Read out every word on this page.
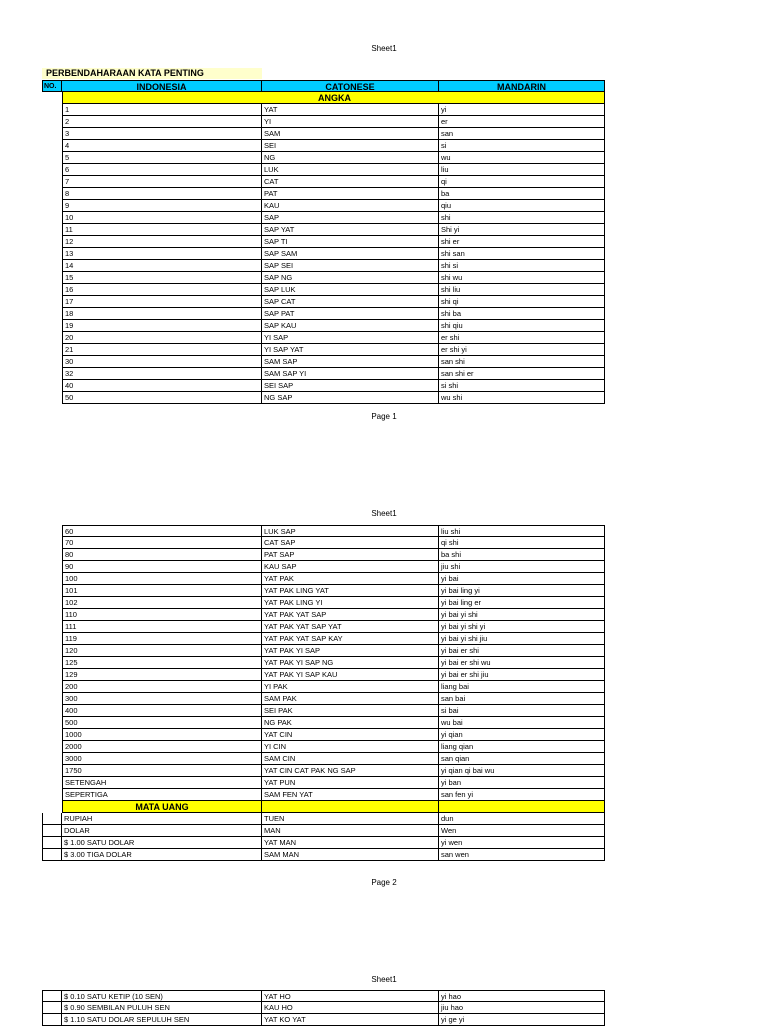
Sheet1
PERBENDAHARAAN KATA PENTING
NO.	INDONESIA	CATONESE	MANDARIN
ANGKA
1	YAT	yi
2	YI	er
3	SAM	san
4	SEI	si
5	NG	wu
6	LUK	liu
7	CAT	qi
8	PAT	ba
9	KAU	qiu
10	SAP	shi
11	SAP YAT	Shi yi
12	SAP TI	shi er
13	SAP SAM	shi san
14	SAP SEI	shi si
15	SAP NG	shi wu
16	SAP LUK	shi liu
17	SAP CAT	shi qi
18	SAP PAT	shi ba
19	SAP KAU	shi qiu
20	YI SAP	er shi
21	YI SAP YAT	er shi yi
30	SAM SAP	san shi
32	SAM SAP YI	san shi er
40	SEI SAP	si shi
50	NG SAP	wu shi
Page 1
Sheet1
60	LUK SAP	liu shi
70	CAT SAP	qi shi
80	PAT SAP	ba shi
90	KAU SAP	jiu shi
100	YAT PAK	yi bai
101	YAT PAK LING YAT	yi bai ling yi
102	YAT PAK LING YI	yi bai ling er
110	YAT PAK YAT SAP	yi bai yi shi
111	YAT PAK YAT SAP YAT	yi bai yi shi yi
119	YAT PAK YAT SAP KAY	yi bai yi shi jiu
120	YAT PAK YI SAP	yi bai er shi
125	YAT PAK YI SAP NG	yi bai er shi wu
129	YAT PAK YI SAP KAU	yi bai er shi jiu
200	YI PAK	liang bai
300	SAM PAK	san bai
400	SEI PAK	si bai
500	NG PAK	wu bai
1000	YAT CIN	yi qian
2000	YI CIN	liang qian
3000	SAM CIN	san qian
1750	YAT CIN CAT PAK NG SAP	yi qian qi bai wu
SETENGAH	YAT PUN	yi ban
SEPERTIGA	SAM FEN YAT	san fen yi
MATA UANG
RUPIAH	TUEN	dun
DOLAR	MAN	Wen
$ 1.00 SATU DOLAR	YAT MAN	yi wen
$ 3.00 TIGA DOLAR	SAM MAN	san wen
Page 2
Sheet1
$ 0.10 SATU KETIP (10 SEN)	YAT HO	yi hao
$ 0.90 SEMBILAN PULUH SEN	KAU HO	jiu hao
$ 1.10 SATU DOLAR SEPULUH SEN	YAT KO YAT	yi ge yi
